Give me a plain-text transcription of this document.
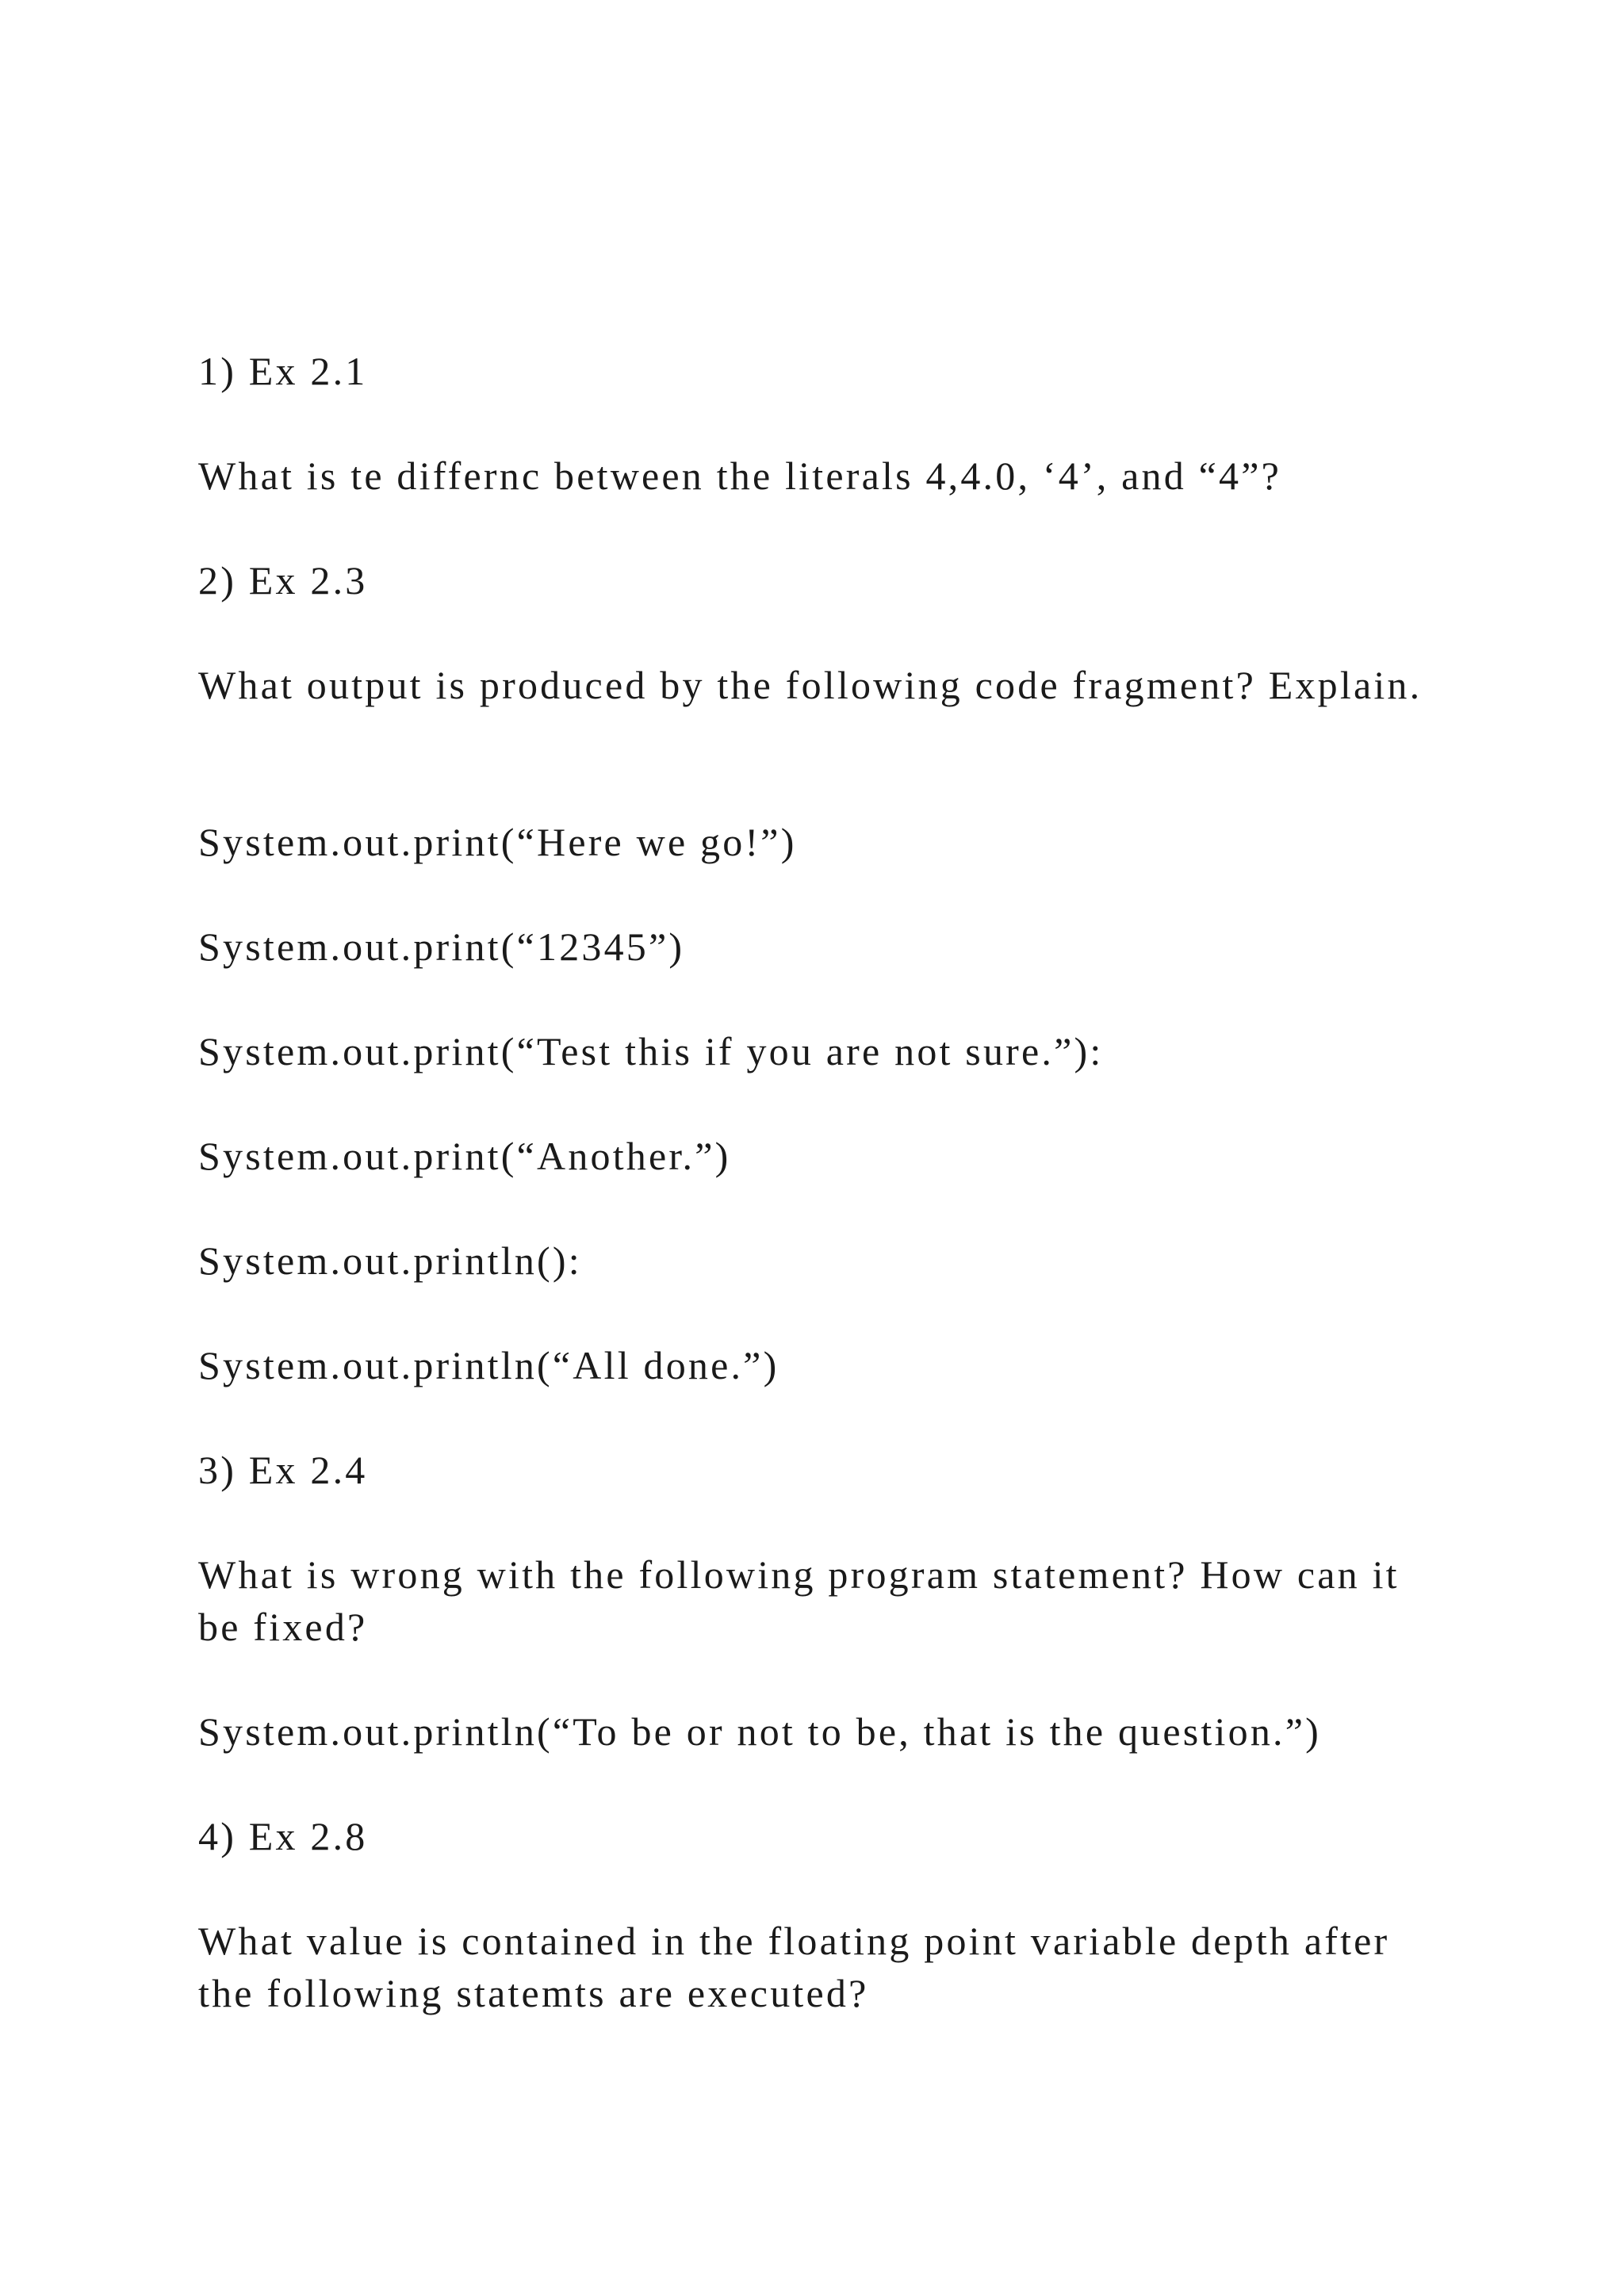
1) Ex 2.1

What is te differnc between the literals 4,4.0, ‘4’, and “4”?

2) Ex 2.3

What output is produced by the following code fragment? Explain.

System.out.print(“Here we go!”)

System.out.print(“12345”)

System.out.print(“Test this if you are not sure.”):

System.out.print(“Another.”)

System.out.println():

System.out.println(“All done.”)

3) Ex 2.4

What is wrong with the following program statement? How can it be fixed?

System.out.println(“To be or not to be, that is the question.”)

4) Ex 2.8

What value is contained in the floating point variable depth after the following statemts are executed?
